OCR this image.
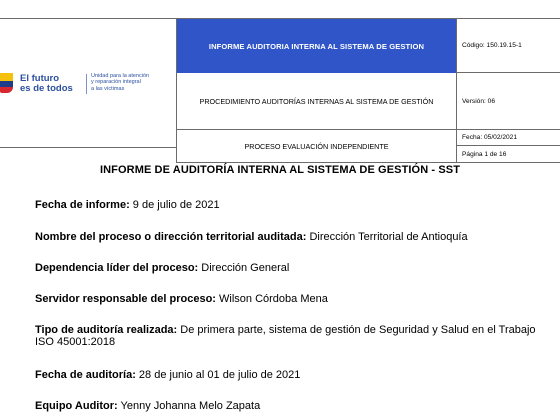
El futuro
es de todos
Unidad para la atención
y reparación integral
a las víctimas
INFORME AUDITORIA INTERNA AL SISTEMA DE GESTION
PROCEDIMIENTO AUDITORÍAS INTERNAS AL SISTEMA DE GESTIÓN
PROCESO EVALUACIÓN INDEPENDIENTE
Código: 150.19.15-1
Versión: 06
Fecha: 05/02/2021
Página 1 de 16
INFORME DE AUDITORÍA INTERNA AL SISTEMA DE GESTIÓN - SST
Fecha de informe: 9 de julio de 2021
Nombre del proceso o dirección territorial auditada: Dirección Territorial de Antioquía
Dependencia líder del proceso: Dirección General
Servidor responsable del proceso: Wilson Córdoba Mena
Tipo de auditoría realizada: De primera parte, sistema de gestión de Seguridad y Salud en el Trabajo ISO 45001:2018
Fecha de auditoría: 28 de junio al 01 de julio de 2021
Equipo Auditor: Yenny Johanna Melo Zapata
